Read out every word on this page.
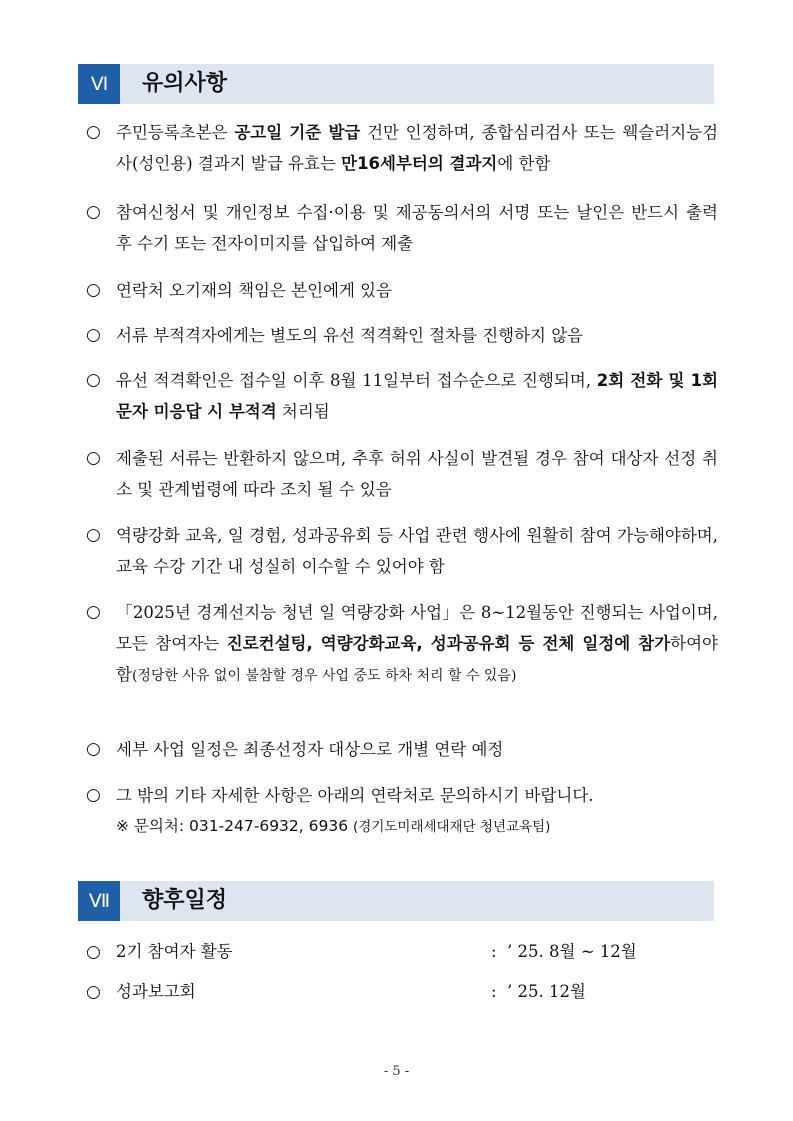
Ⅵ	유의사항
○ 주민등록초본은 공고일 기준 발급 건만 인정하며, 종합심리검사 또는 웩슬러지능검사(성인용) 결과지 발급 유효는 만16세부터의 결과지에 한함
○ 참여신청서 및 개인정보 수집·이용 및 제공동의서의 서명 또는 날인은 반드시 출력 후 수기 또는 전자이미지를 삽입하여 제출
○ 연락처 오기재의 책임은 본인에게 있음
○ 서류 부적격자에게는 별도의 유선 적격확인 절차를 진행하지 않음
○ 유선 적격확인은 접수일 이후 8월 11일부터 접수순으로 진행되며, 2회 전화 및 1회 문자 미응답 시 부적격 처리됨
○ 제출된 서류는 반환하지 않으며, 추후 허위 사실이 발견될 경우 참여 대상자 선정 취소 및 관계법령에 따라 조치 될 수 있음
○ 역량강화 교육, 일 경험, 성과공유회 등 사업 관련 행사에 원활히 참여 가능해야하며, 교육 수강 기간 내 성실히 이수할 수 있어야 함
○ 「2025년 경계선지능 청년 일 역량강화 사업」은 8~12월동안 진행되는 사업이며, 모든 참여자는 진로컨설팅, 역량강화교육, 성과공유회 등 전체 일정에 참가하여야 함(정당한 사유 없이 불참할 경우 사업 중도 하차 처리 할 수 있음)
○ 세부 사업 일정은 최종선정자 대상으로 개별 연락 예정
○ 그 밖의 기타 자세한 사항은 아래의 연락처로 문의하시기 바랍니다.
※ 문의처: 031-247-6932, 6936 (경기도미래세대재단 청년교육팀)
Ⅶ	향후일정
○ 2기 참여자 활동	:  ’ 25. 8월 ~ 12월
○ 성과보고회	:  ’ 25. 12월
- 5 -
